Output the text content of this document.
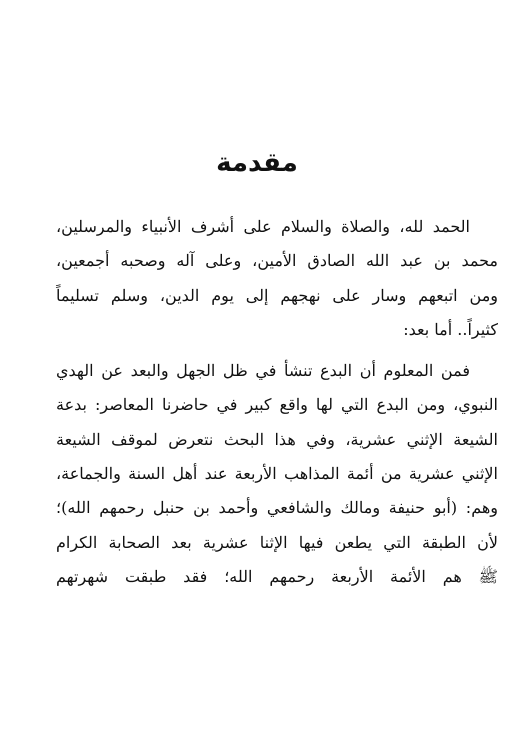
مقدمة
الحمد لله، والصلاة والسلام على أشرف الأنبياء والمرسلين،
محمد بن عبد الله الصادق الأمين، وعلى آله وصحبه أجمعين،
ومن اتبعهم وسار على نهجهم إلى يوم الدين، وسلم تسليماً
كثيراً.. أما بعد:
فمن المعلوم أن البدع تنشأ في ظل الجهل والبعد عن الهدي
النبوي، ومن البدع التي لها واقع كبير في حاضرنا المعاصر: بدعة
الشيعة الإثني عشرية، وفي هذا البحث نتعرض لموقف الشيعة
الإثني عشرية من أئمة المذاهب الأربعة عند أهل السنة والجماعة،
وهم: (أبو حنيفة ومالك والشافعي وأحمد بن حنبل رحمهم الله)؛
لأن الطبقة التي يطعن فيها الإثنا عشرية بعد الصحابة الكرام
ﷺ هم الأئمة الأربعة رحمهم الله؛ فقد طبقت شهرتهم
